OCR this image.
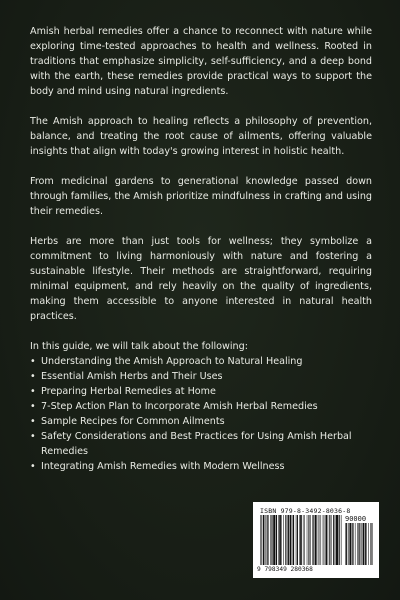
Amish herbal remedies offer a chance to reconnect with nature while exploring time-tested approaches to health and wellness. Rooted in traditions that emphasize simplicity, self-sufficiency, and a deep bond with the earth, these remedies provide practical ways to support the body and mind using natural ingredients.

The Amish approach to healing reflects a philosophy of prevention, balance, and treating the root cause of ailments, offering valuable insights that align with today's growing interest in holistic health.

From medicinal gardens to generational knowledge passed down through families, the Amish prioritize mindfulness in crafting and using their remedies.

Herbs are more than just tools for wellness; they symbolize a commitment to living harmoniously with nature and fostering a sustainable lifestyle. Their methods are straightforward, requiring minimal equipment, and rely heavily on the quality of ingredients, making them accessible to anyone interested in natural health practices.

In this guide, we will talk about the following:
• Understanding the Amish Approach to Natural Healing
• Essential Amish Herbs and Their Uses
• Preparing Herbal Remedies at Home
• 7-Step Action Plan to Incorporate Amish Herbal Remedies
• Sample Recipes for Common Ailments
• Safety Considerations and Best Practices for Using Amish Herbal Remedies
• Integrating Amish Remedies with Modern Wellness
ISBN 979-8-3492-8036-8
90000
9 798349 280368
